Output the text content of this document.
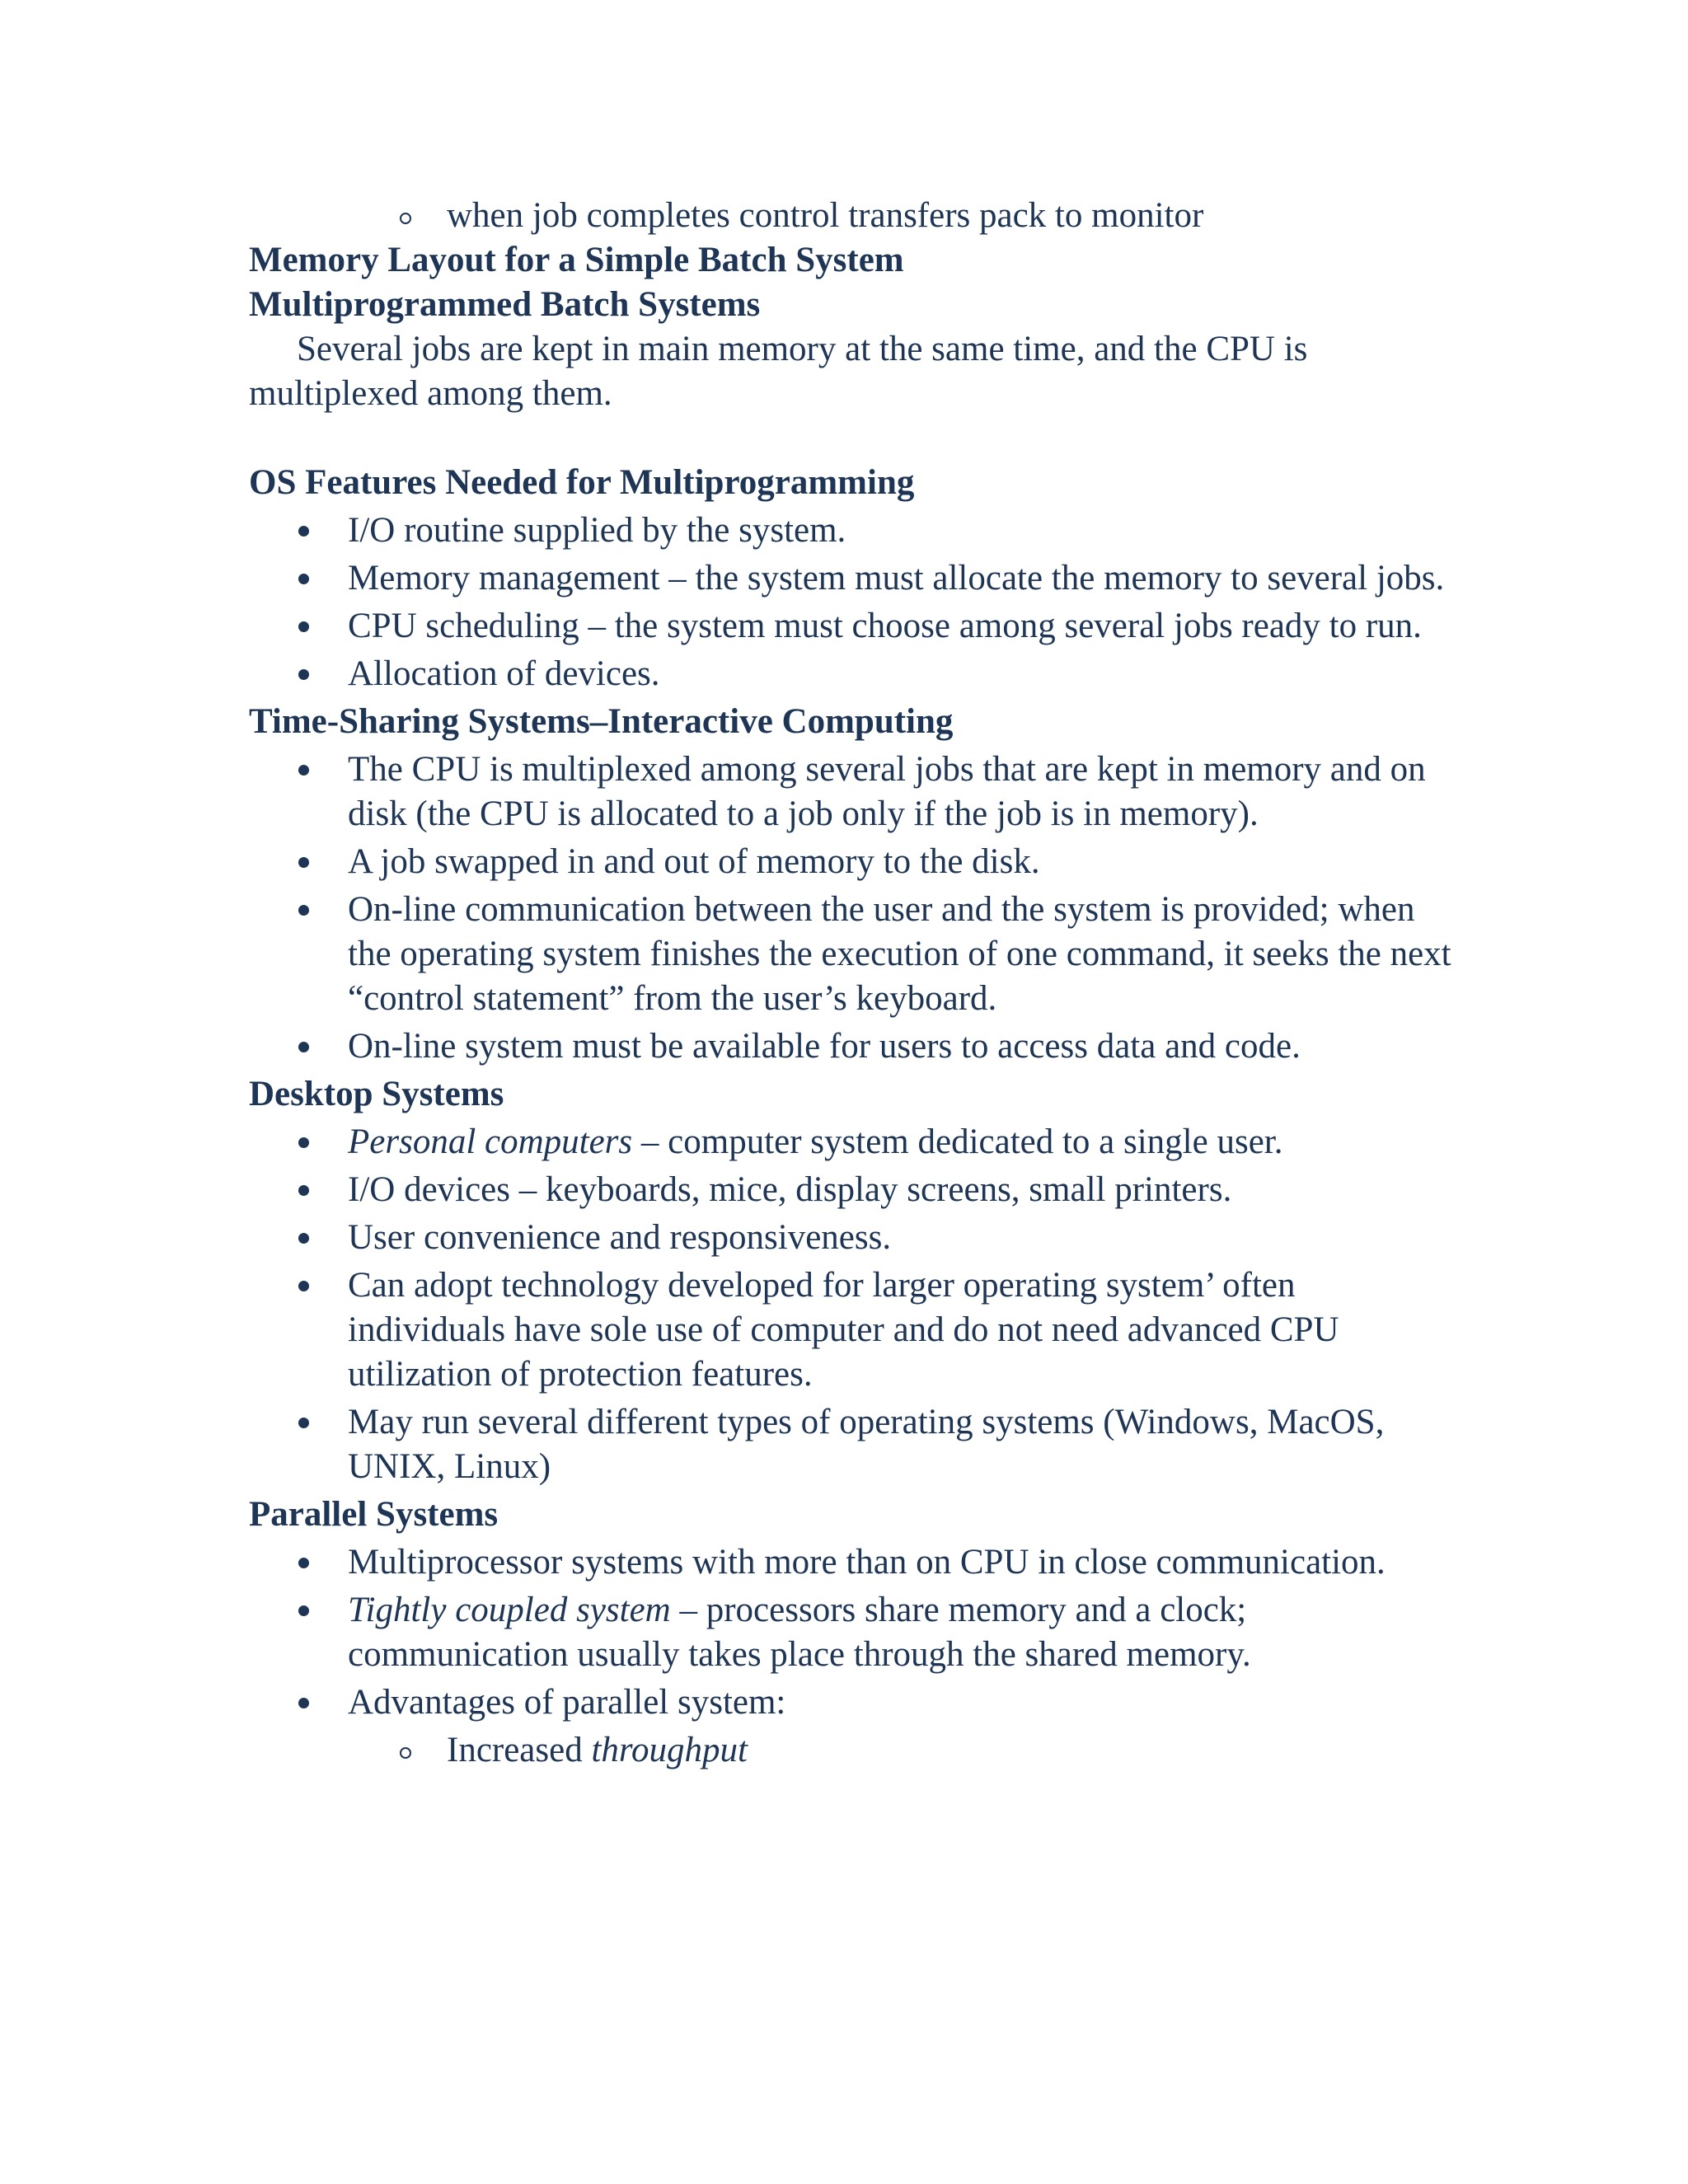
when job completes control transfers pack to monitor
Memory Layout for a Simple Batch System
Multiprogrammed Batch Systems
Several jobs are kept in main memory at the same time, and the CPU is multiplexed among them.
OS Features Needed for Multiprogramming
I/O routine supplied by the system.
Memory management – the system must allocate the memory to several jobs.
CPU scheduling – the system must choose among several jobs ready to run.
Allocation of devices.
Time-Sharing Systems–Interactive Computing
The CPU is multiplexed among several jobs that are kept in memory and on disk (the CPU is allocated to a job only if the job is in memory).
A job swapped in and out of memory to the disk.
On-line communication between the user and the system is provided; when the operating system finishes the execution of one command, it seeks the next “control statement” from the user’s keyboard.
On-line system must be available for users to access data and code.
Desktop Systems
Personal computers – computer system dedicated to a single user.
I/O devices – keyboards, mice, display screens, small printers.
User convenience and responsiveness.
Can adopt technology developed for larger operating system’ often individuals have sole use of computer and do not need advanced CPU utilization of protection features.
May run several different types of operating systems (Windows, MacOS, UNIX, Linux)
Parallel Systems
Multiprocessor systems with more than on CPU in close communication.
Tightly coupled system – processors share memory and a clock; communication usually takes place through the shared memory.
Advantages of parallel system:
Increased throughput
